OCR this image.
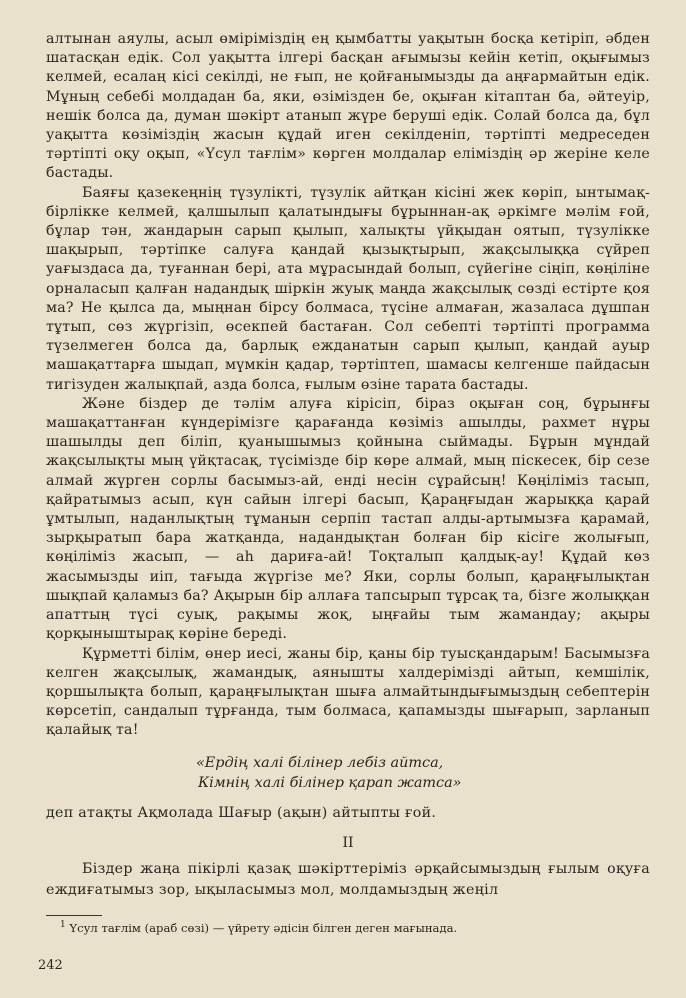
алтынан аяулы, асыл өміріміздің ең қымбатты уақытын босқа кетіріп, әбден шатасқан едік. Сол уақытта ілгері басқан ағымызы кейін кетіп, оқығымыз келмей, есалаң кісі секілді, не ғып, не қойғанымызды да аңғармайтын едік. Мұның себебі молдадан ба, яки, өзімізден бе, оқыған кітаптан ба, әйтеуір, нешік болса да, думан шәкірт атанып жүре беруші едік. Солай болса да, бұл уақытта көзіміздің жасын құдай иген секілденіп, тәртіпті медреседен тәртіпті оқу оқып, «Үсул тағлім» көрген молдалар еліміздің әр жеріне келе бастады.

Баяғы қазекеңнің түзулікті, түзулік айтқан кісіні жек көріп, ынтымақ-бірлікке келмей, қалшылып қалатындығы бұрыннан-ақ әркімге мәлім ғой, бұлар тән, жандарын сарып қылып, халықты үйқыдан оятып, түзулікке шақырып, тәртіпке салуға қандай қызықтырып, жақсылыққа сүйреп уағыздаса да, туғаннан бері, ата мұрасындай болып, сүйегіне сіңіп, көңіліне орналасып қалған надандық шіркін жуық маңда жақсылық сөзді естірте қоя ма? Не қылса да, мыңнан бірсу болмаса, түсіне алмаған, жазаласа дұшпан тұтып, сөз жүргізіп, өсекпей бастаған. Сол себепті тәртіпті программа түзелмеген болса да, барлық ежданатын сарып қылып, қандай ауыр машақаттарға шыдап, мүмкін қадар, тәртіптеп, шамасы келгенше пайдасын тигізуден жалықпай, азда болса, ғылым өзіне тарата бастады.

Және біздер де тәлім алуға кірісіп, біраз оқыған соң, бұрынғы машақаттанған күндерімізге қарағанда көзіміз ашылды, рахмет нұры шашылды деп біліп, қуанышымыз қойнына сыймады. Бұрын мұндай жақсылықты мың үйқтасақ, түсімізде бір көре алмай, мың піскесек, бір сезе алмай жүрген сорлы басымыз-ай, енді несін сұрайсың! Көңіліміз тасып, қайратымыз асып, күн сайын ілгері басып, Қараңғыдан жарыққа қарай ұмтылып, наданлықтың тұманын серпіп тастап алды-артымызға қарамай, зырқыратып бара жатқанда, надандықтан болған бір кісіге жолығып, көңіліміз жасып, — аһ дариға-ай! Тоқталып қалдық-ау! Құдай көз жасымызды иіп, тағыда жүргізе ме? Яки, сорлы болып, қараңғылықтан шықпай қаламыз ба? Ақырын бір аллаға тапсырып тұрсақ та, бізге жолыққан апаттың түсі суық, рақымы жоқ, ыңғайы тым жамандау; ақыры қорқыныштырақ көріне береді.

Құрметті білім, өнер иесі, жаны бір, қаны бір туысқандарым! Басымызға келген жақсылық, жамандық, аянышты халдерімізді айтып, кемшілік, қоршылықта болып, қараңғылықтан шыға алмайтындығымыздың себептерін көрсетіп, сандалып тұрғанда, тым болмаса, қапамызды шығарып, зарланып қалайық та!

«Ердің халі білінер лебіз айтса,
Кімнің халі білінер қарап жатса»

деп атақты Ақмолада Шағыр (ақын) айтыпты ғой.

II

Біздер жаңа пікірлі қазақ шәкірттеріміз әрқайсымыздың ғылым оқуға еждиғатымыз зор, ықыласымыз мол, молдамыздың жеңіл

$^1$ Үсул тағлім (араб сөзі) — үйрету әдісін білген деген мағынада.
242
